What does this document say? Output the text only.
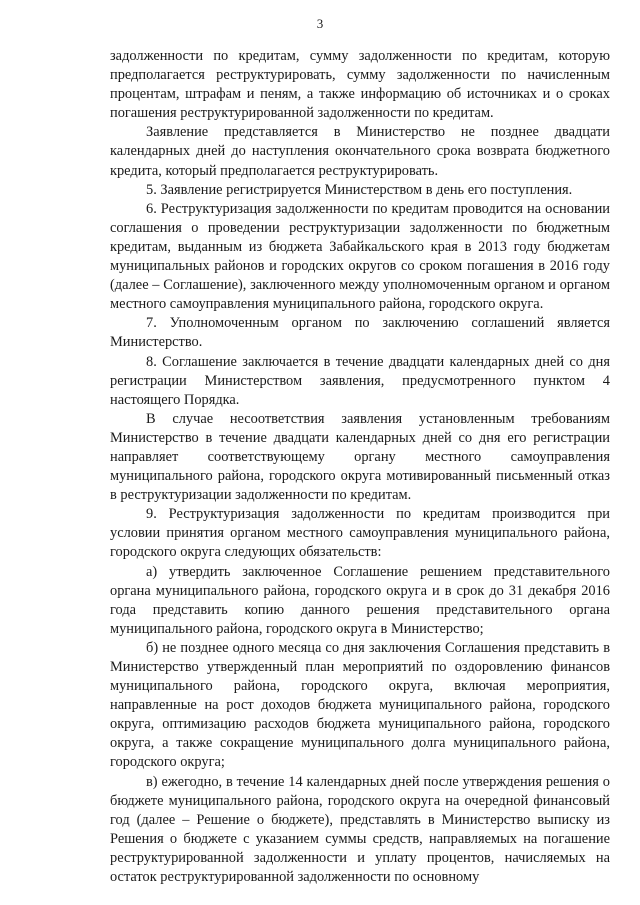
3

задолженности по кредитам, сумму задолженности по кредитам, которую предполагается реструктурировать, сумму задолженности по начисленным процентам, штрафам и пеням, а также информацию об источниках и о сроках погашения реструктурированной задолженности по кредитам.

Заявление представляется в Министерство не позднее двадцати календарных дней до наступления окончательного срока возврата бюджетного кредита, который предполагается реструктурировать.

5. Заявление регистрируется Министерством в день его поступления.

6. Реструктуризация задолженности по кредитам проводится на основании соглашения о проведении реструктуризации задолженности по бюджетным кредитам, выданным из бюджета Забайкальского края в 2013 году бюджетам муниципальных районов и городских округов со сроком погашения в 2016 году (далее – Соглашение), заключенного между уполномоченным органом и органом местного самоуправления муниципального района, городского округа.

7. Уполномоченным органом по заключению соглашений является Министерство.

8. Соглашение заключается в течение двадцати календарных дней со дня регистрации Министерством заявления, предусмотренного пунктом 4 настоящего Порядка.

В случае несоответствия заявления установленным требованиям Министерство в течение двадцати календарных дней со дня его регистрации направляет соответствующему органу местного самоуправления муниципального района, городского округа мотивированный письменный отказ в реструктуризации задолженности по кредитам.

9. Реструктуризация задолженности по кредитам производится при условии принятия органом местного самоуправления муниципального района, городского округа следующих обязательств:

а) утвердить заключенное Соглашение решением представительного органа муниципального района, городского округа и в срок до 31 декабря 2016 года представить копию данного решения представительного органа муниципального района, городского округа в Министерство;

б) не позднее одного месяца со дня заключения Соглашения представить в Министерство утвержденный план мероприятий по оздоровлению финансов муниципального района, городского округа, включая мероприятия, направленные на рост доходов бюджета муниципального района, городского округа, оптимизацию расходов бюджета муниципального района, городского округа, а также сокращение муниципального долга муниципального района, городского округа;

в) ежегодно, в течение 14 календарных дней после утверждения решения о бюджете муниципального района, городского округа на очередной финансовый год (далее – Решение о бюджете), представлять в Министерство выписку из Решения о бюджете с указанием суммы средств, направляемых на погашение реструктурированной задолженности и уплату процентов, начисляемых на остаток реструктурированной задолженности по основному
